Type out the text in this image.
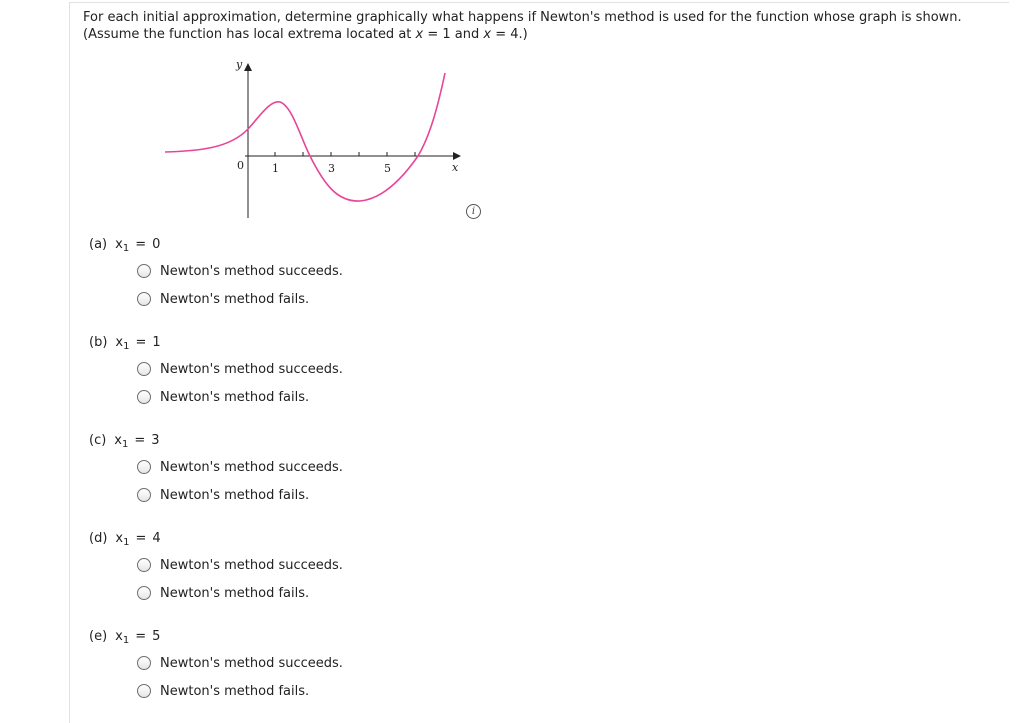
For each initial approximation, determine graphically what happens if Newton's method is used for the function whose graph is shown.
(Assume the function has local extrema located at x = 1 and x = 4.)
y
x
0	1	3	5
i
(a) $x_1 = 0$
Newton's method succeeds.
Newton's method fails.
(b) $x_1 = 1$
Newton's method succeeds.
Newton's method fails.
(c) $x_1 = 3$
Newton's method succeeds.
Newton's method fails.
(d) $x_1 = 4$
Newton's method succeeds.
Newton's method fails.
(e) $x_1 = 5$
Newton's method succeeds.
Newton's method fails.
